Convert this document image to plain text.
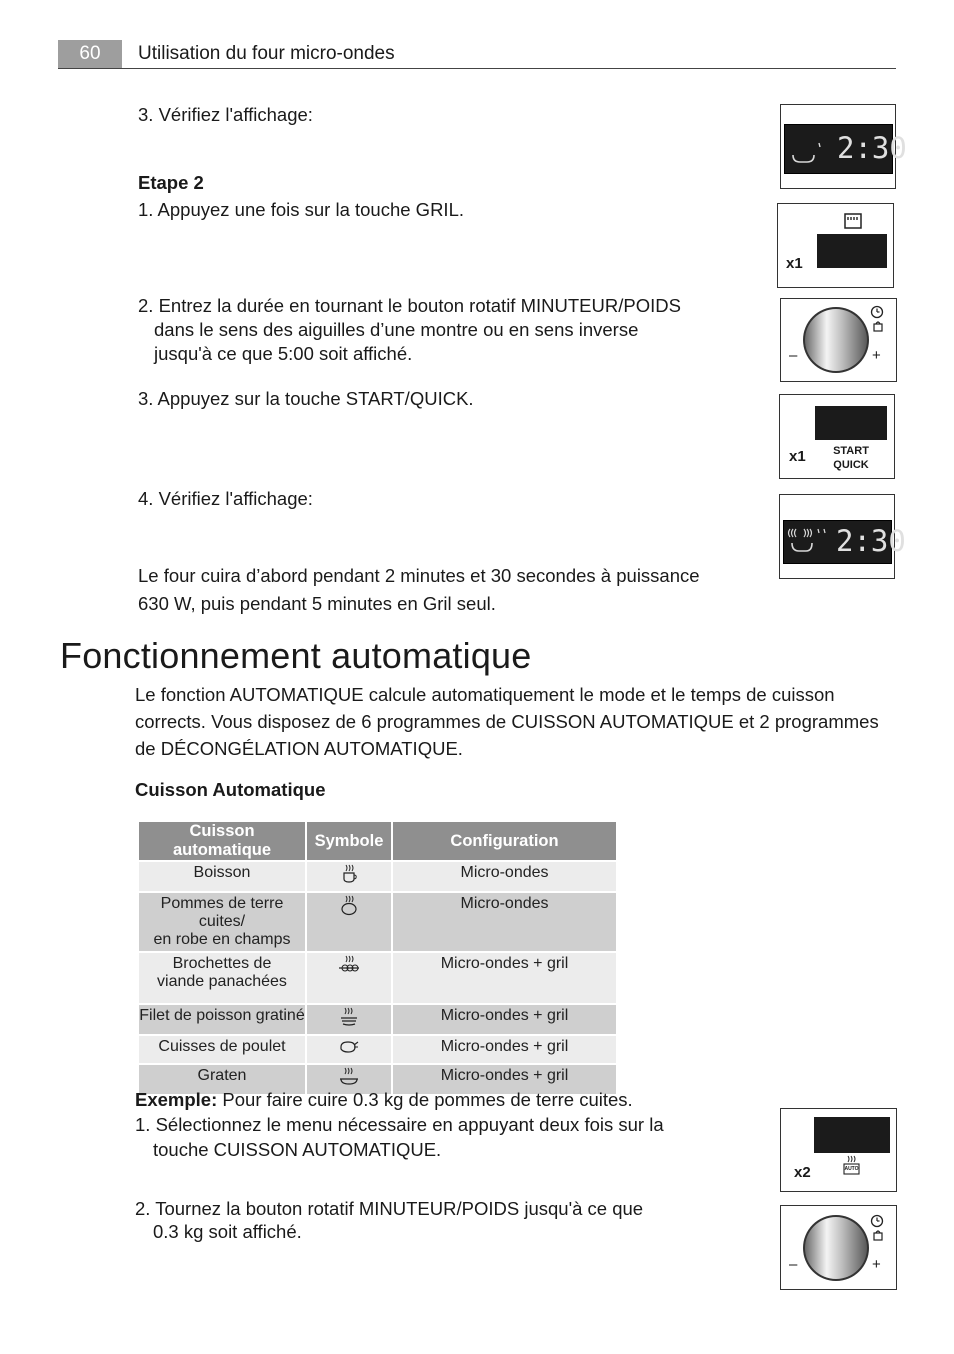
60	Utilisation du four micro-ondes
3. Vérifiez l'affichage:
Etape 2
1. Appuyez une fois sur la touche GRIL.
2. Entrez la durée en tournant le bouton rotatif MINUTEUR/POIDS
dans le sens des aiguilles d’une montre ou en sens inverse
jusqu'à ce que 5:00 soit affiché.
3. Appuyez sur la touche START/QUICK.
4. Vérifiez l'affichage:
Le four cuira d’abord pendant 2 minutes et 30 secondes à puissance
630 W, puis pendant 5 minutes en Gril seul.
2:30
x1
–	+
START
QUICK
x1
2:30
Fonctionnement automatique
Le fonction AUTOMATIQUE calcule automatiquement le mode et le temps de cuisson
corrects. Vous disposez de 6 programmes de CUISSON AUTOMATIQUE et 2 programmes
de DÉCONGÉLATION AUTOMATIQUE.
Cuisson Automatique
Cuisson automatique	Symbole	Configuration
Boisson		Micro-ondes

Pommes de terre cuites/
en robe en champs		Micro-ondes

Brochettes de
viande panachées		Micro-ondes + gril
Filet de poisson gratiné		Micro-ondes + gril
Cuisses de poulet		Micro-ondes + gril
Graten		Micro-ondes + gril
Exemple: Pour faire cuire 0.3 kg de pommes de terre cuites.
1. Sélectionnez le menu nécessaire en appuyant deux fois sur la
touche CUISSON AUTOMATIQUE.
2. Tournez la bouton rotatif MINUTEUR/POIDS jusqu'à ce que
0.3 kg soit affiché.
AUTO
x2
–	+
